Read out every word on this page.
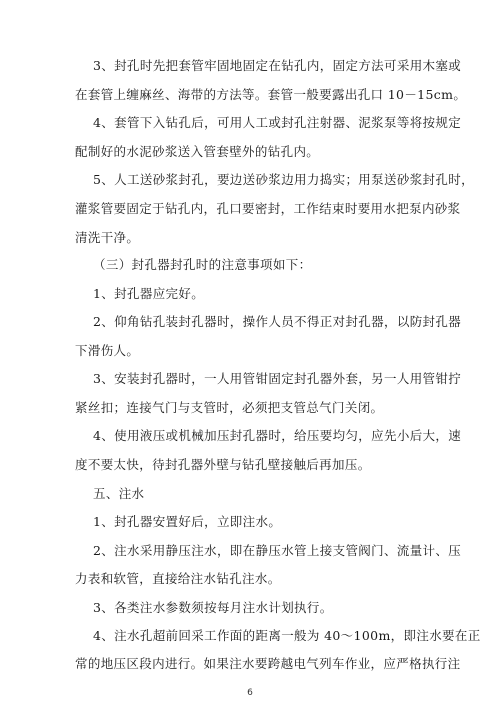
3、封孔时先把套管牢固地固定在钻孔内，固定方法可采用木塞或
在套管上缠麻丝、海带的方法等。套管一般要露出孔口 10－15cm。
4、套管下入钻孔后，可用人工或封孔注射器、泥浆泵等将按规定
配制好的水泥砂浆送入管套壁外的钻孔内。
5、人工送砂浆封孔，要边送砂浆边用力捣实；用泵送砂浆封孔时，
灌浆管要固定于钻孔内，孔口要密封，工作结束时要用水把泵内砂浆
清洗干净。
（三）封孔器封孔时的注意事项如下：
1、封孔器应完好。
2、仰角钻孔装封孔器时，操作人员不得正对封孔器，以防封孔器
下滑伤人。
3、安装封孔器时，一人用管钳固定封孔器外套，另一人用管钳拧
紧丝扣；连接气门与支管时，必须把支管总气门关闭。
4、使用液压或机械加压封孔器时，给压要均匀，应先小后大，速
度不要太快，待封孔器外壁与钻孔壁接触后再加压。
五、注水
1、封孔器安置好后，立即注水。
2、注水采用静压注水，即在静压水管上接支管阀门、流量计、压
力表和软管，直接给注水钻孔注水。
3、各类注水参数须按每月注水计划执行。
4、注水孔超前回采工作面的距离一般为 40～100m，即注水要在正
常的地压区段内进行。如果注水要跨越电气列车作业，应严格执行注
6
